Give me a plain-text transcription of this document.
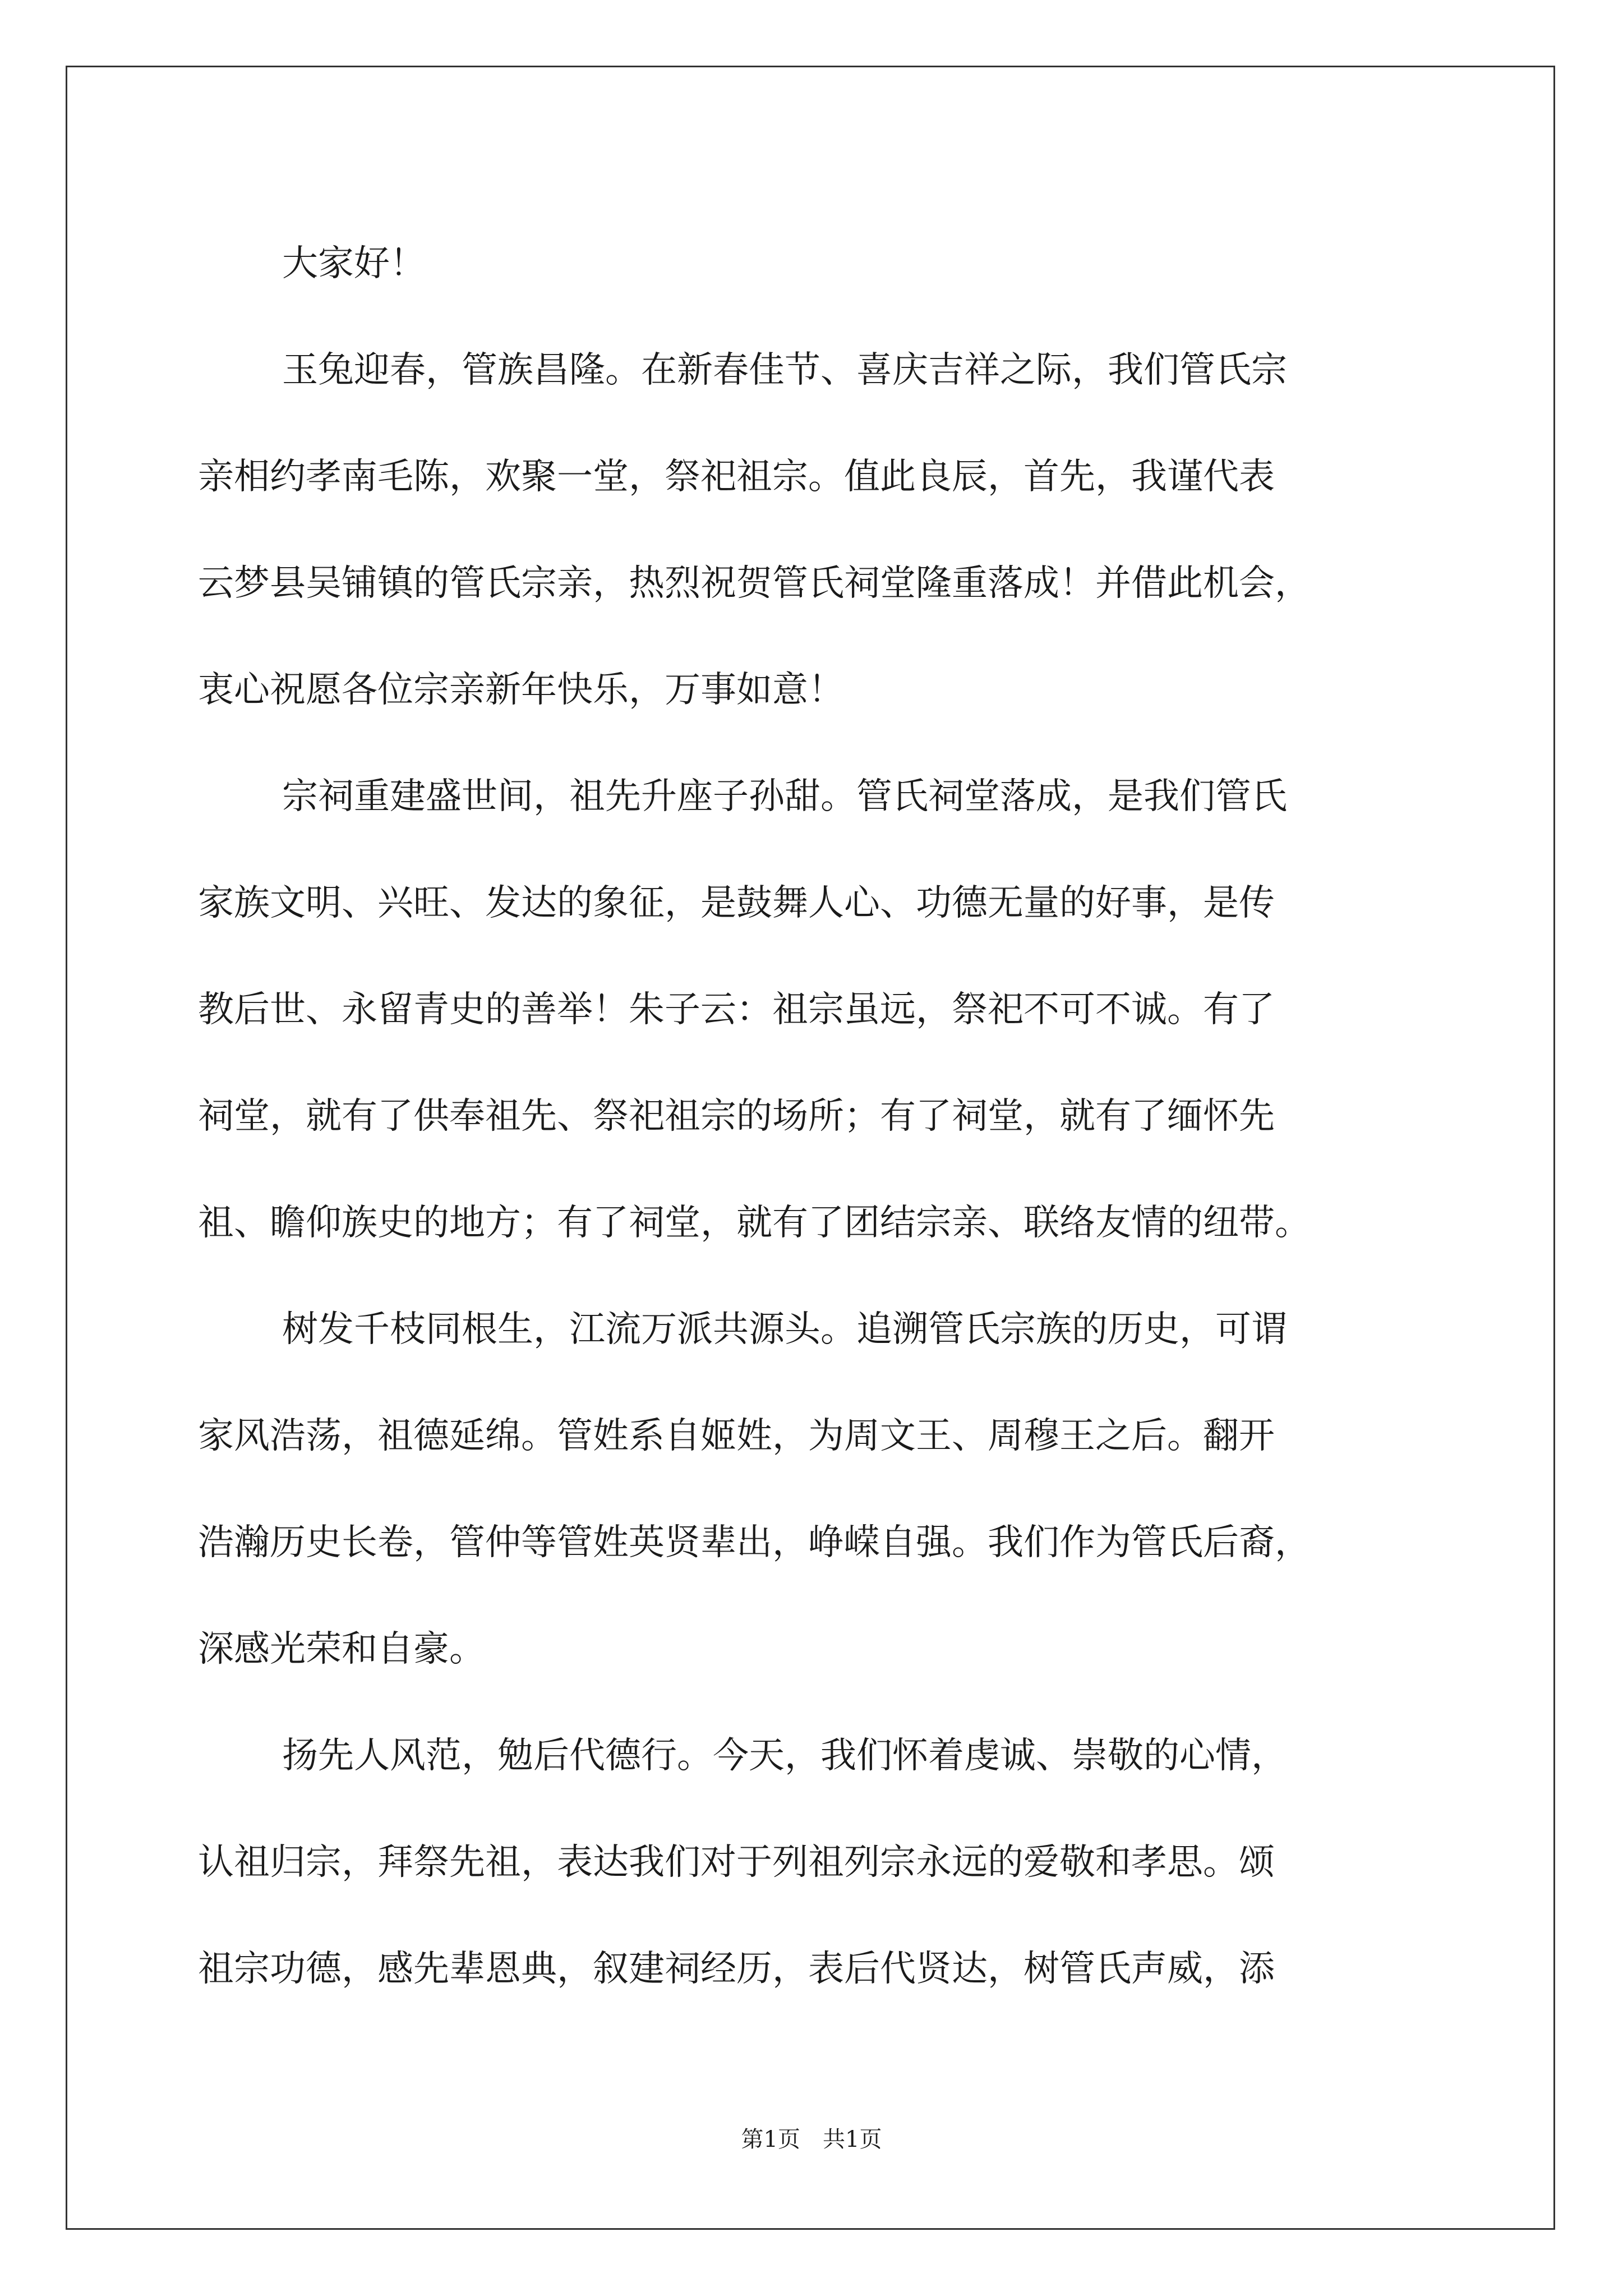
大家好！
玉兔迎春，管族昌隆。在新春佳节、喜庆吉祥之际，我们管氏宗
亲相约孝南毛陈，欢聚一堂，祭祀祖宗。值此良辰，首先，我谨代表
云梦县吴铺镇的管氏宗亲，热烈祝贺管氏祠堂隆重落成！并借此机会，
衷心祝愿各位宗亲新年快乐，万事如意！
宗祠重建盛世间，祖先升座子孙甜。管氏祠堂落成，是我们管氏
家族文明、兴旺、发达的象征，是鼓舞人心、功德无量的好事，是传
教后世、永留青史的善举！朱子云：祖宗虽远，祭祀不可不诚。有了
祠堂，就有了供奉祖先、祭祀祖宗的场所；有了祠堂，就有了缅怀先
祖、瞻仰族史的地方；有了祠堂，就有了团结宗亲、联络友情的纽带。
树发千枝同根生，江流万派共源头。追溯管氏宗族的历史，可谓
家风浩荡，祖德延绵。管姓系自姬姓，为周文王、周穆王之后。翻开
浩瀚历史长卷，管仲等管姓英贤辈出，峥嵘自强。我们作为管氏后裔，
深感光荣和自豪。
扬先人风范，勉后代德行。今天，我们怀着虔诚、崇敬的心情，
认祖归宗，拜祭先祖，表达我们对于列祖列宗永远的爱敬和孝思。颂
祖宗功德，感先辈恩典，叙建祠经历，表后代贤达，树管氏声威，添
第1页　共1页
